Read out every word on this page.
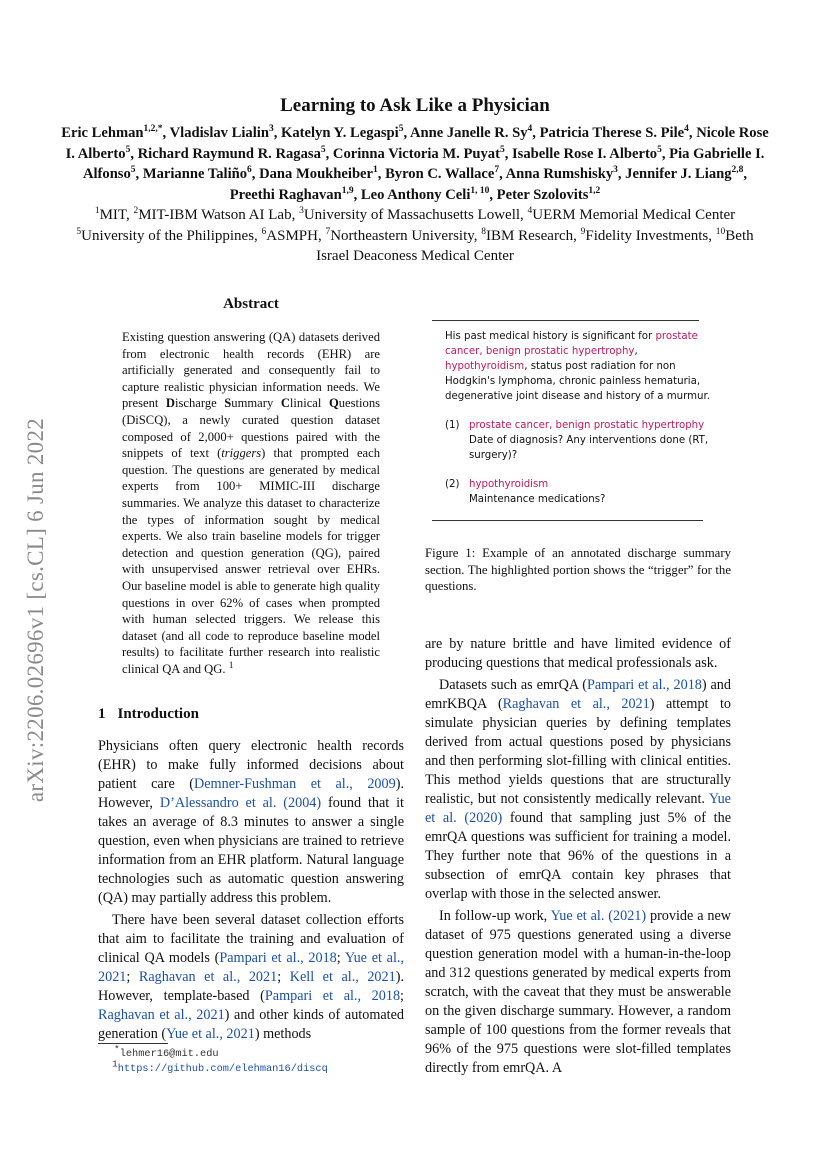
arXiv:2206.02696v1 [cs.CL] 6 Jun 2022
Learning to Ask Like a Physician
Eric Lehman$^{1,2,*}$, Vladislav Lialin$^3$, Katelyn Y. Legaspi$^5$, Anne Janelle R. Sy$^4$, Patricia Therese S. Pile$^4$, Nicole Rose I. Alberto$^5$, Richard Raymund R. Ragasa$^5$, Corinna Victoria M. Puyat$^5$, Isabelle Rose I. Alberto$^5$, Pia Gabrielle I. Alfonso$^5$, Marianne Taliño$^6$, Dana Moukheiber$^1$, Byron C. Wallace$^7$, Anna Rumshisky$^3$, Jennifer J. Liang$^{2,8}$, Preethi Raghavan$^{1,9}$, Leo Anthony Celi$^{1, 10}$, Peter Szolovits$^{1,2}$
$^1$MIT, $^2$MIT-IBM Watson AI Lab, $^3$University of Massachusetts Lowell, $^4$UERM Memorial Medical Center $^5$University of the Philippines, $^6$ASMPH, $^7$Northeastern University, $^8$IBM Research, $^9$Fidelity Investments, $^{10}$Beth Israel Deaconess Medical Center
Abstract
Existing question answering (QA) datasets derived from electronic health records (EHR) are artificially generated and consequently fail to capture realistic physician information needs. We present Discharge Summary Clinical Questions (DiSCQ), a newly curated question dataset composed of 2,000+ questions paired with the snippets of text (triggers) that prompted each question. The questions are generated by medical experts from 100+ MIMIC-III discharge summaries. We analyze this dataset to characterize the types of information sought by medical experts. We also train baseline models for trigger detection and question generation (QG), paired with unsupervised answer retrieval over EHRs. Our baseline model is able to generate high quality questions in over 62% of cases when prompted with human selected triggers. We release this dataset (and all code to reproduce baseline model results) to facilitate further research into realistic clinical QA and QG. $^1$
1 Introduction

Physicians often query electronic health records (EHR) to make fully informed decisions about patient care (Demner-Fushman et al., 2009). However, D’Alessandro et al. (2004) found that it takes an average of 8.3 minutes to answer a single question, even when physicians are trained to retrieve information from an EHR platform. Natural language technologies such as automatic question answering (QA) may partially address this problem.

There have been several dataset collection efforts that aim to facilitate the training and evaluation of clinical QA models (Pampari et al., 2018; Yue et al., 2021; Raghavan et al., 2021; Kell et al., 2021). However, template-based (Pampari et al., 2018; Raghavan et al., 2021) and other kinds of automated generation (Yue et al., 2021) methods

*lehmer16@mit.edu
$^1$https://github.com/elehman16/discq

His past medical history is significant for prostate cancer, benign prostatic hypertrophy, hypothyroidism, status post radiation for non Hodgkin's lymphoma, chronic painless hematuria, degenerative joint disease and history of a murmur.

(1) prostate cancer, benign prostatic hypertrophy
Date of diagnosis? Any interventions done (RT, surgery)?
(2) hypothyroidism
Maintenance medications?
Figure 1: Example of an annotated discharge summary section. The highlighted portion shows the “trigger” for the questions.

are by nature brittle and have limited evidence of producing questions that medical professionals ask.

Datasets such as emrQA (Pampari et al., 2018) and emrKBQA (Raghavan et al., 2021) attempt to simulate physician queries by defining templates derived from actual questions posed by physicians and then performing slot-filling with clinical entities. This method yields questions that are structurally realistic, but not consistently medically relevant. Yue et al. (2020) found that sampling just 5% of the emrQA questions was sufficient for training a model. They further note that 96% of the questions in a subsection of emrQA contain key phrases that overlap with those in the selected answer.

In follow-up work, Yue et al. (2021) provide a new dataset of 975 questions generated using a diverse question generation model with a human-in-the-loop and 312 questions generated by medical experts from scratch, with the caveat that they must be answerable on the given discharge summary. However, a random sample of 100 questions from the former reveals that 96% of the 975 questions were slot-filled templates directly from emrQA. A
